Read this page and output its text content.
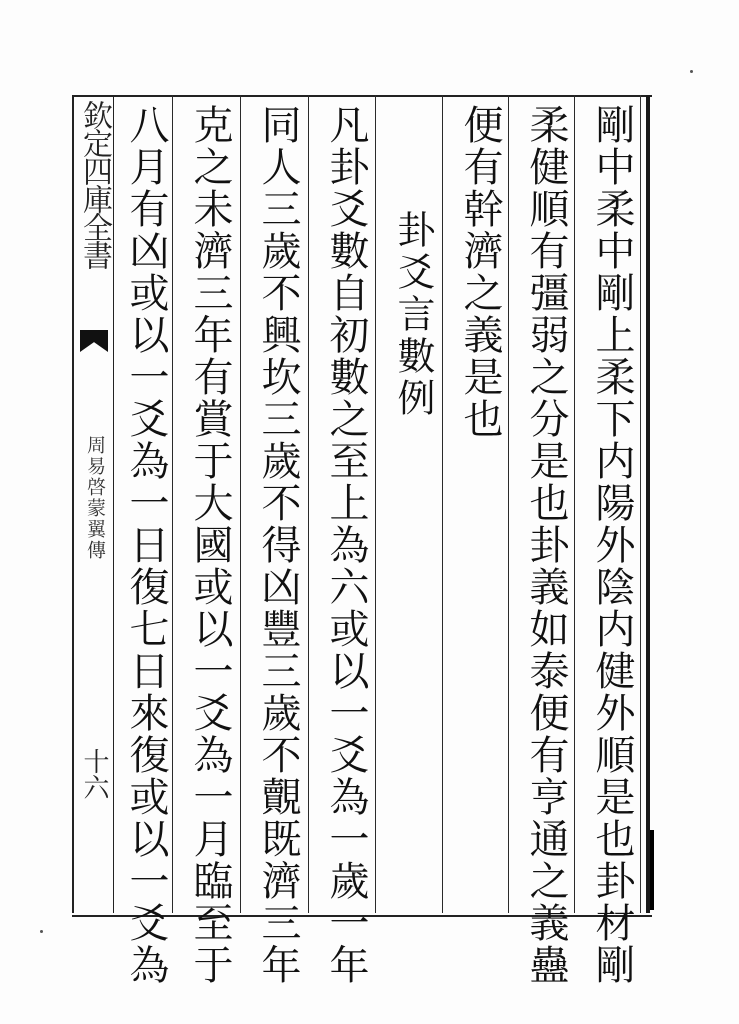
欽定四庫全書
周易啓蒙翼傳
十六	剛中柔中剛上柔下内陽外陰内健外順是也卦材剛
柔健順有彊弱之分是也卦義如泰便有亨通之義蠱
便有幹濟之義是也
卦爻言數例
凡卦爻數自初數之至上為六或以一爻為一歲一年
同人三歲不興坎三歲不得凶豐三歲不覿既濟三年
克之未濟三年有賞于大國或以一爻為一月臨至于
八月有凶或以一爻為一日復七日來復或以一爻為
